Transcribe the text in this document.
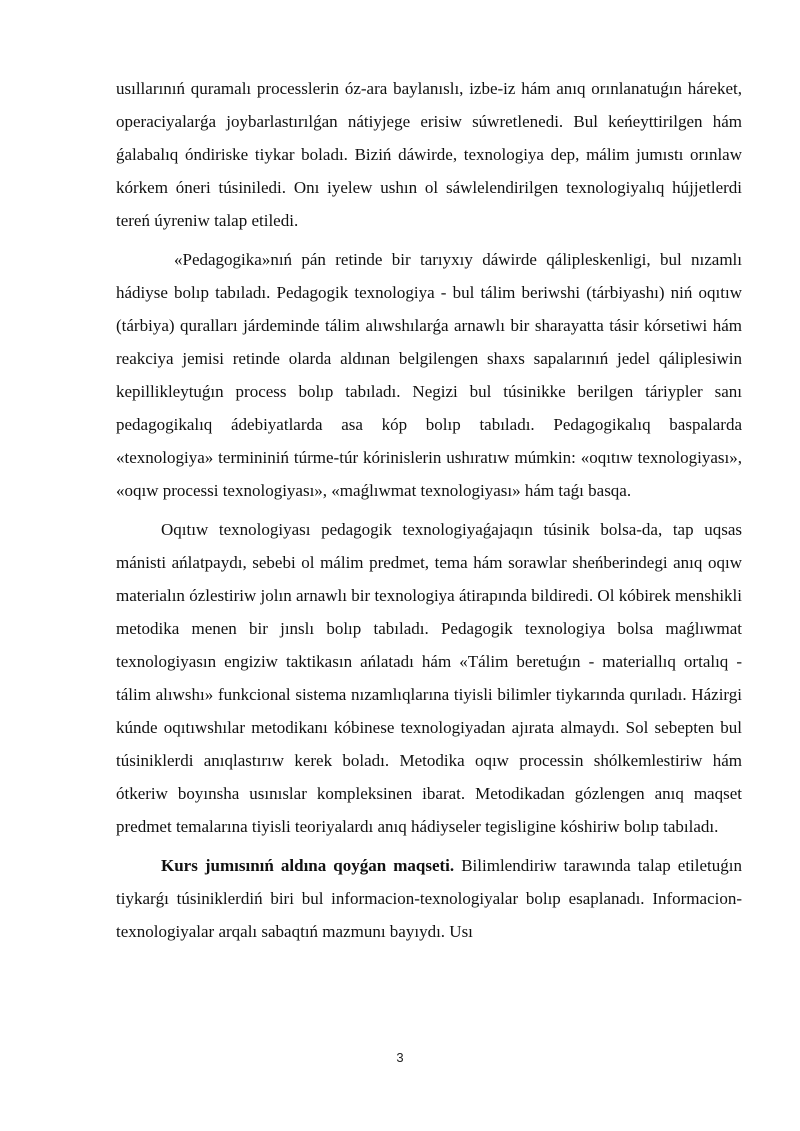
usıllarınıń quramalı processlerin óz-ara baylanıslı, izbe-iz hám anıq orınlanatuǵın háreket, operaciyalarǵa joybarlastırılǵan nátiyjege erisiw súwretlenedi. Bul keńeyttirilgen hám ǵalabalıq óndiriske tiykar boladı. Biziń dáwirde, texnologiya dep, málim jumıstı orınlaw kórkem óneri túsiniledi. Onı iyelew ushın ol sáwlelendirilgen texnologiyalıq hújjetlerdi tereń úyreniw talap etiledi.

«Pedagogika»nıń pán retinde bir tarıyxıy dáwirde qálipleskenligi, bul nızamlı hádiyse bolıp tabıladı. Pedagogik texnologiya - bul tálim beriwshi (tárbiyashı) niń oqıtıw (tárbiya) quralları járdeminde tálim alıwshılarǵa arnawlı bir sharayatta tásir kórsetiwi hám reakciya jemisi retinde olarda aldınan belgilengen shaxs sapalarınıń jedel qáliplesiwin kepillikleytuǵın process bolıp tabıladı. Negizi bul túsinikke berilgen táriypler sanı pedagogikalıq ádebiyatlarda asa kóp bolıp tabıladı. Pedagogikalıq baspalarda «texnologiya» termininiń túrme-túr kórinislerin ushıratıw múmkin: «oqıtıw texnologiyası», «oqıw processi texnologiyası», «maǵlıwmat texnologiyası» hám taǵı basqa.

Oqıtıw texnologiyası pedagogik texnologiyaǵajaqın túsinik bolsa-da, tap uqsas mánisti ańlatpaydı, sebebi ol málim predmet, tema hám sorawlar sheńberindegi anıq oqıw materialın ózlestiriw jolın arnawlı bir texnologiya átirapında bildiredi. Ol kóbirek menshikli metodika menen bir jınslı bolıp tabıladı. Pedagogik texnologiya bolsa maǵlıwmat texnologiyasın engiziw taktikasın ańlatadı hám «Tálim beretuǵın - materiallıq ortalıq - tálim alıwshı» funkcional sistema nızamlıqlarına tiyisli bilimler tiykarında qurıladı. Házirgi kúnde oqıtıwshılar metodikanı kóbinese texnologiyadan ajırata almaydı. Sol sebepten bul túsiniklerdi anıqlastırıw kerek boladı. Metodika oqıw processin shólkemlestiriw hám ótkeriw boyınsha usınıslar kompleksinen ibarat. Metodikadan gózlengen anıq maqset predmet temalarına tiyisli teoriyalardı anıq hádiyseler tegisligine kóshiriw bolıp tabıladı.

Kurs jumısınıń aldına qoyǵan maqseti. Bilimlendiriw tarawında talap etiletuǵın tiykarǵı túsiniklerdiń biri bul informacion-texnologiyalar bolıp esaplanadı. Informacion-texnologiyalar arqalı sabaqtıń mazmunı bayıydı. Usı

3
